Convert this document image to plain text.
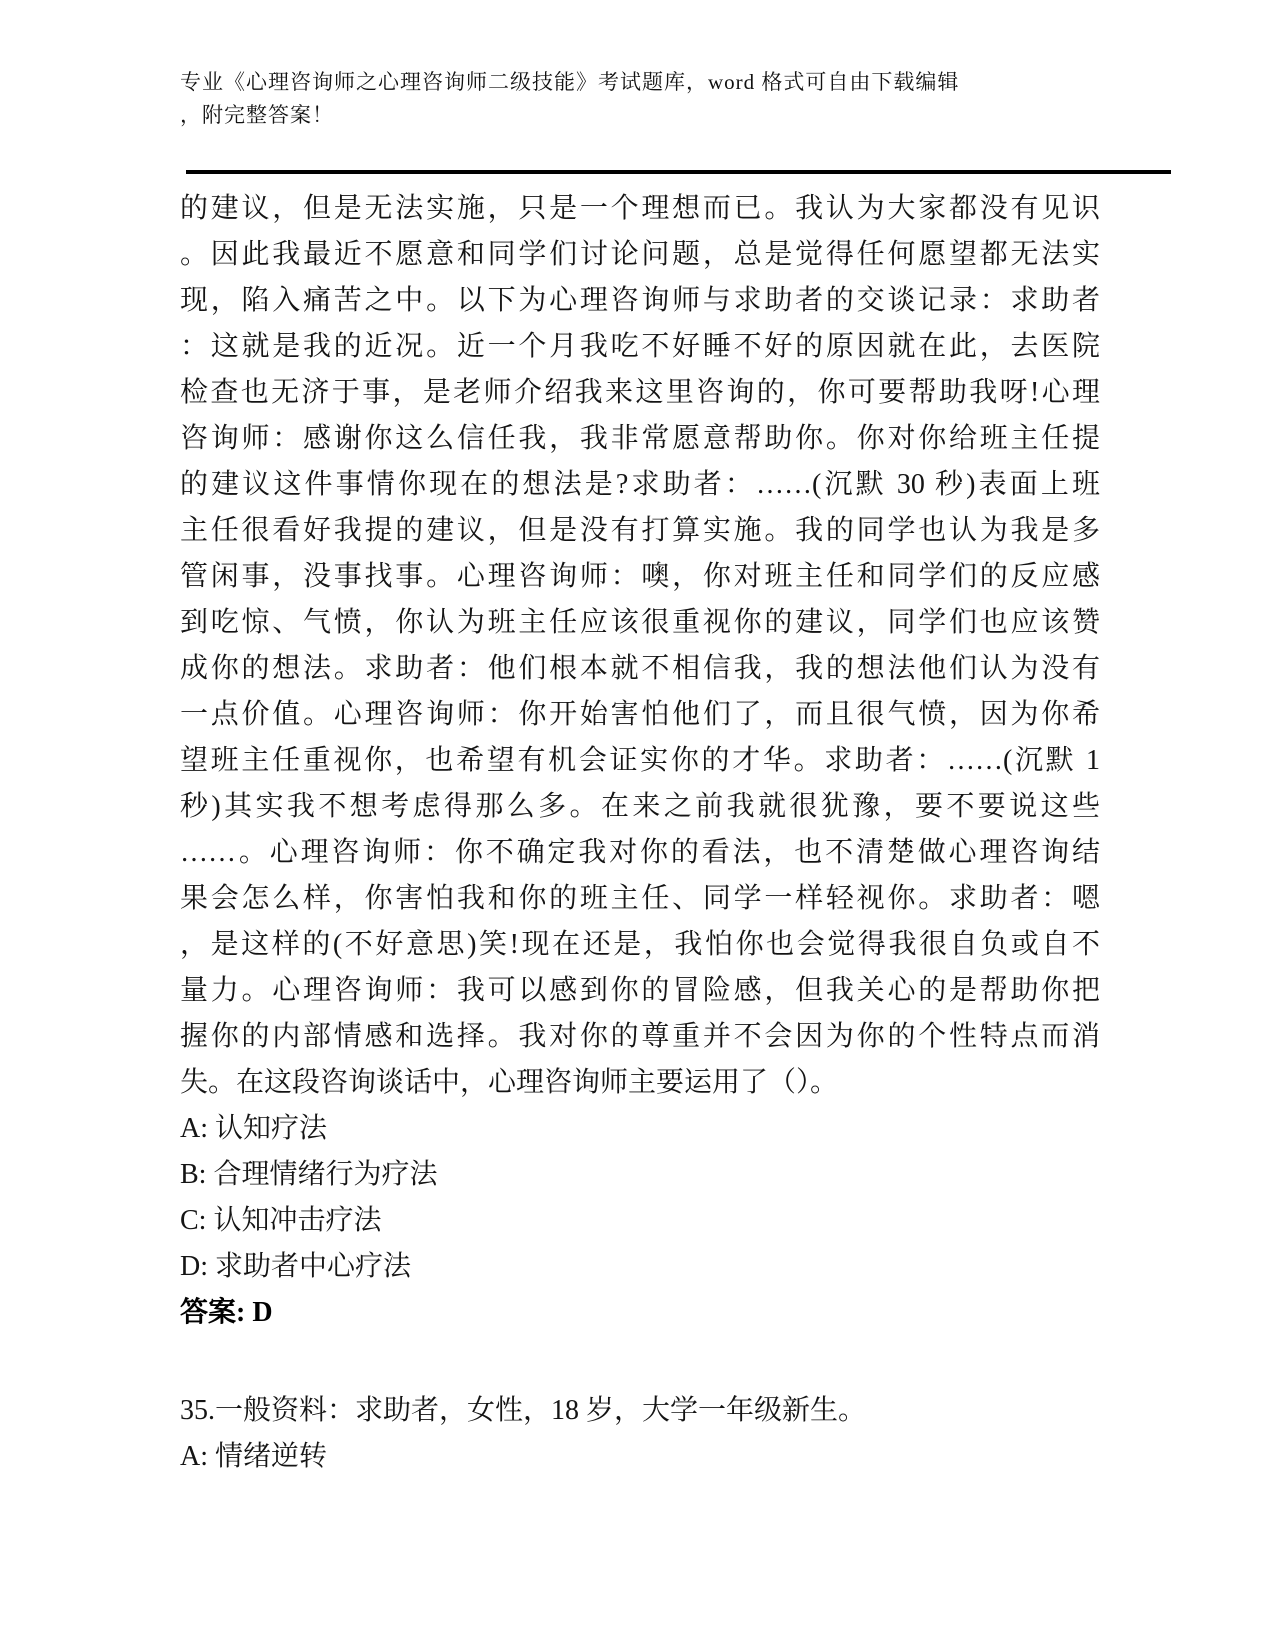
专业《心理咨询师之心理咨询师二级技能》考试题库，word 格式可自由下载编辑
，附完整答案！
的建议，但是无法实施，只是一个理想而已。我认为大家都没有见识
。因此我最近不愿意和同学们讨论问题，总是觉得任何愿望都无法实
现，陷入痛苦之中。以下为心理咨询师与求助者的交谈记录：求助者
：这就是我的近况。近一个月我吃不好睡不好的原因就在此，去医院
检查也无济于事，是老师介绍我来这里咨询的，你可要帮助我呀!心理
咨询师：感谢你这么信任我，我非常愿意帮助你。你对你给班主任提
的建议这件事情你现在的想法是?求助者：……(沉默 30 秒)表面上班
主任很看好我提的建议，但是没有打算实施。我的同学也认为我是多
管闲事，没事找事。心理咨询师：噢，你对班主任和同学们的反应感
到吃惊、气愤，你认为班主任应该很重视你的建议，同学们也应该赞
成你的想法。求助者：他们根本就不相信我，我的想法他们认为没有
一点价值。心理咨询师：你开始害怕他们了，而且很气愤，因为你希
望班主任重视你，也希望有机会证实你的才华。求助者：……(沉默 1
秒)其实我不想考虑得那么多。在来之前我就很犹豫，要不要说这些
……。心理咨询师：你不确定我对你的看法，也不清楚做心理咨询结
果会怎么样，你害怕我和你的班主任、同学一样轻视你。求助者：嗯
，是这样的(不好意思)笑!现在还是，我怕你也会觉得我很自负或自不
量力。心理咨询师：我可以感到你的冒险感，但我关心的是帮助你把
握你的内部情感和选择。我对你的尊重并不会因为你的个性特点而消
失。在这段咨询谈话中，心理咨询师主要运用了（）。
A: 认知疗法
B: 合理情绪行为疗法
C: 认知冲击疗法
D: 求助者中心疗法
答案: D
35.一般资料：求助者，女性，18 岁，大学一年级新生。
A: 情绪逆转
